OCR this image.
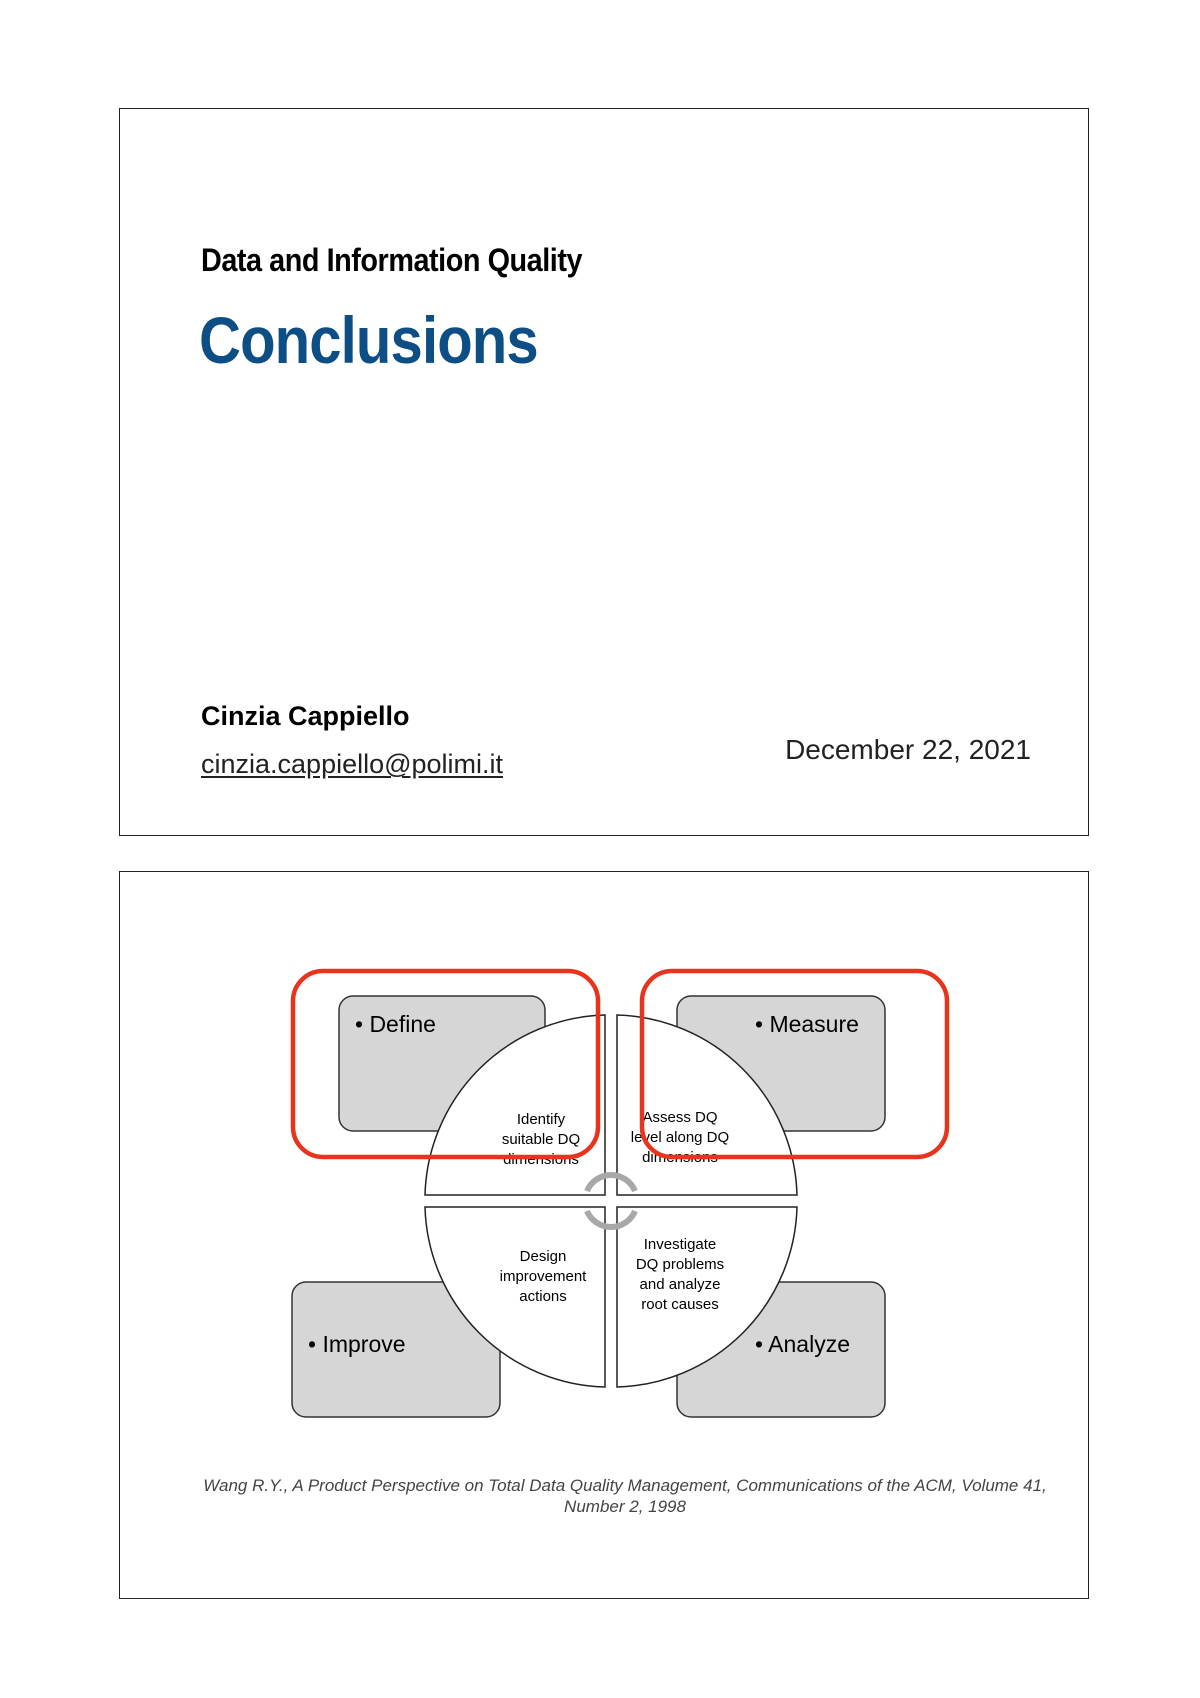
Data and Information Quality
Conclusions
Cinzia Cappiello
cinzia.cappiello@polimi.it	December 22, 2021
• Define	• Measure
• Improve	• Analyze
Identify
suitable DQ
dimensions
Assess DQ
level along DQ
dimensions
Design
improvement
actions
Investigate
DQ problems
and analyze
root causes
Wang R.Y., A Product Perspective on Total Data Quality Management, Communications of the ACM, Volume 41, Number 2, 1998
